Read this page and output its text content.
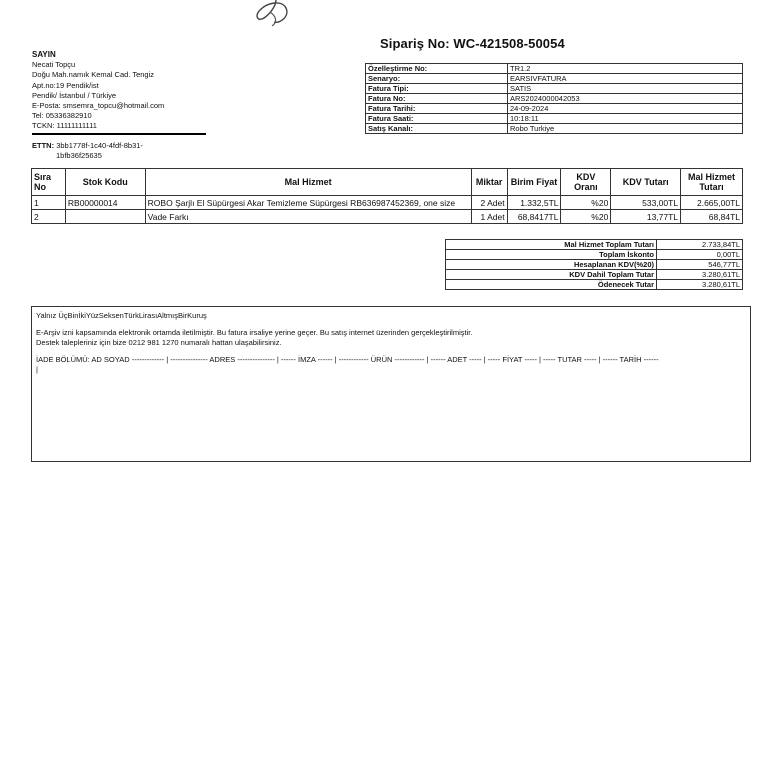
Sipariş No: WC-421508-50054
SAYIN
Necati Topçu
Doğu Mah.namık Kemal Cad. Tengiz
Apt.no:19 Pendik/ist
Pendik/ İstanbul / Türkiye
E-Posta: smsemra_topcu@hotmail.com
Tel: 05336382910
TCKN: 11111111111
ETTN: 3bb1778f-1c40-4fdf-8b31-
1bfb36f25635
Özelleştirme No:	TR1.2
Senaryo:	EARSIVFATURA
Fatura Tipi:	SATIS
Fatura No:	ARS2024000042053
Fatura Tarihi:	24-09-2024
Fatura Saati:	10:18:11
Satış Kanalı:	Robo Turkiye
Sıra No	Stok Kodu	Mal Hizmet	Miktar	Birim Fiyat	KDV Oranı	KDV Tutarı	Mal Hizmet Tutarı
1	RB00000014	ROBO Şarjlı El Süpürgesi Akar Temizleme Süpürgesi RB636987452369, one size	2 Adet	1.332,5TL	%20	533,00TL	2.665,00TL
2		Vade Farkı	1 Adet	68,8417TL	%20	13,77TL	68,84TL
Mal Hizmet Toplam Tutarı	2.733,84TL
Toplam İskonto	0,00TL
Hesaplanan KDV(%20)	546,77TL
KDV Dahil Toplam Tutar	3.280,61TL
Ödenecek Tutar	3.280,61TL
Yalnız ÜçBinİkiYüzSeksenTürkLirasıAltmışBirKuruş
E-Arşiv izni kapsamında elektronik ortamda iletilmiştir. Bu fatura irsaliye yerine geçer. Bu satış internet üzerinden gerçekleştirilmiştir.
Destek talepleriniz için bize 0212 981 1270 numaralı hattan ulaşabilirsiniz.
İADE BÖLÜMÜ: AD SOYAD ------------- | --------------- ADRES --------------- | ------ İMZA ------ | ------------ ÜRÜN ------------ | ------ ADET ----- | ----- FİYAT ----- | ----- TUTAR ----- | ------ TARİH ------
|
